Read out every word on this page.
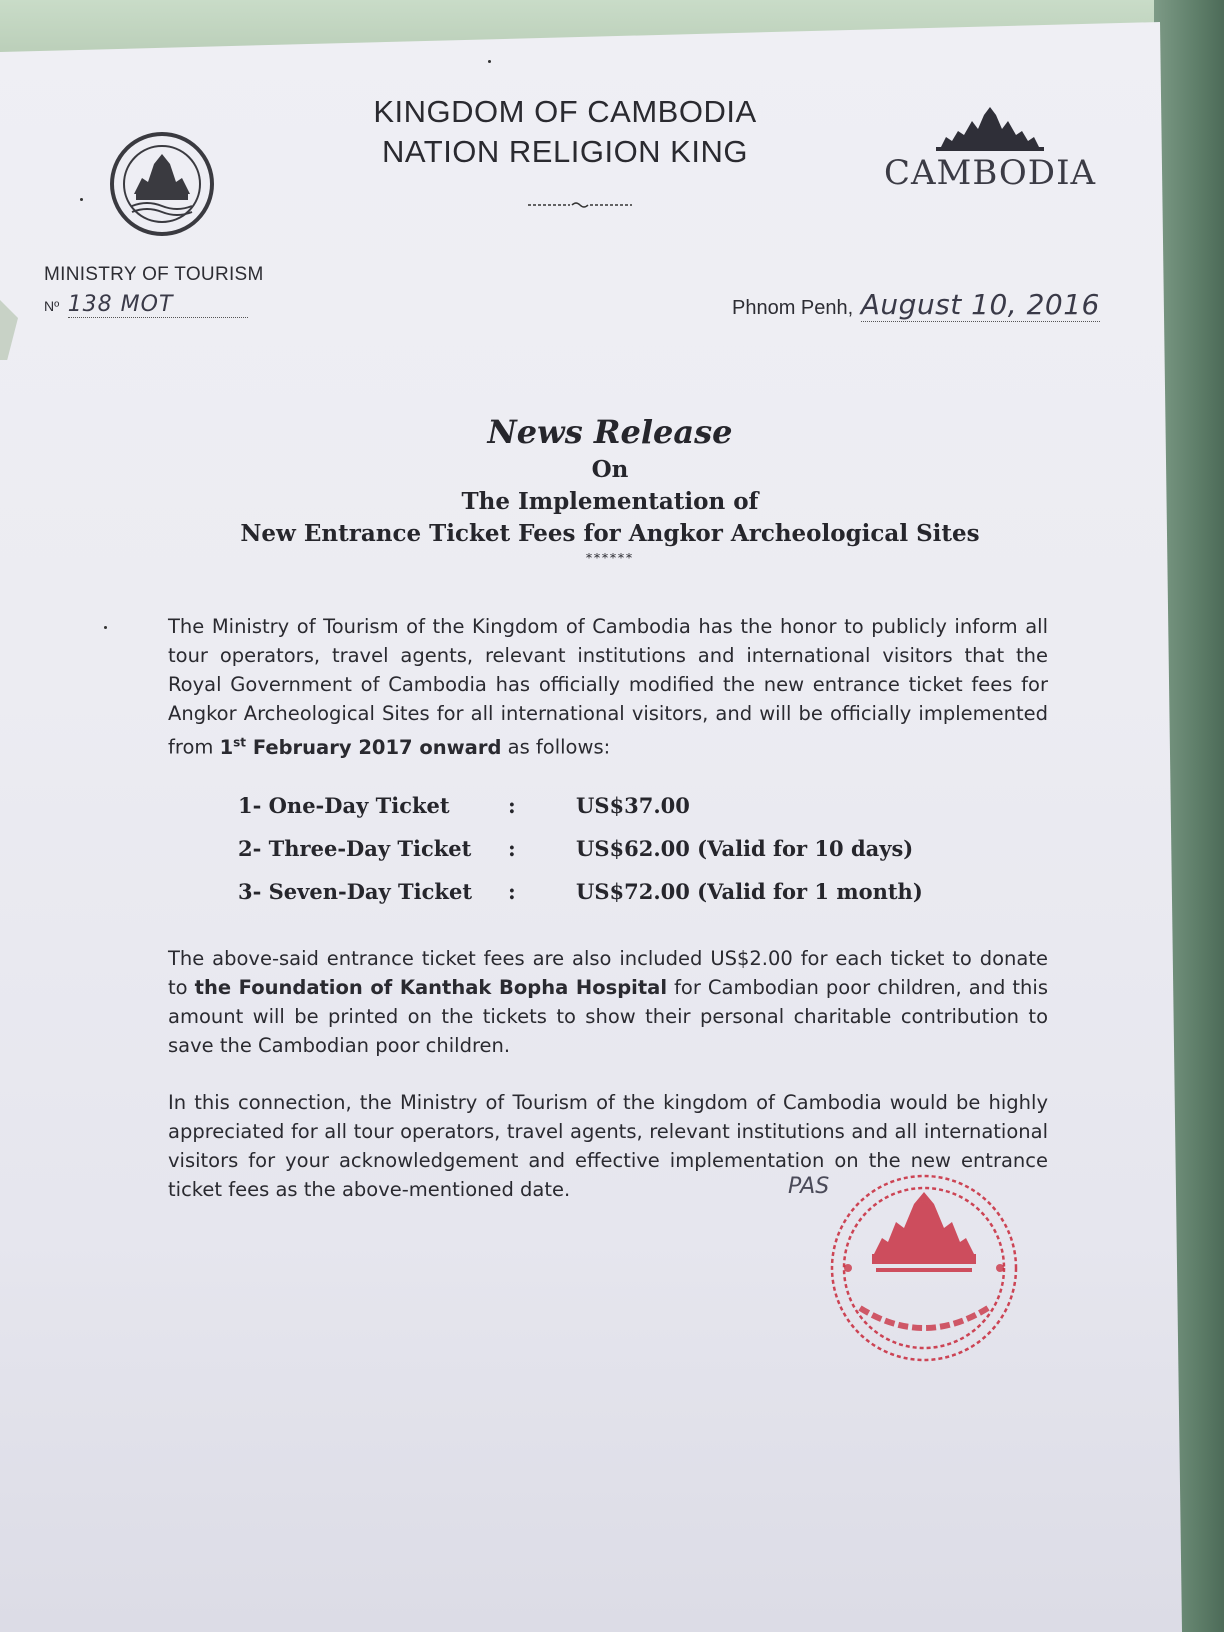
KINGDOM OF CAMBODIA
NATION RELIGION KING
CAMBODIA
MINISTRY OF TOURISM
Nº 138 MOT	Phnom Penh, August 10, 2016
News Release
On
The Implementation of
New Entrance Ticket Fees for Angkor Archeological Sites
******
The Ministry of Tourism of the Kingdom of Cambodia has the honor to publicly inform all tour operators, travel agents, relevant institutions and international visitors that the Royal Government of Cambodia has officially modified the new entrance ticket fees for Angkor Archeological Sites for all international visitors, and will be officially implemented from 1st February 2017 onward as follows:
1- One-Day Ticket	:	US$37.00
2- Three-Day Ticket	:	US$62.00 (Valid for 10 days)
3- Seven-Day Ticket	:	US$72.00 (Valid for 1 month)
The above-said entrance ticket fees are also included US$2.00 for each ticket to donate to the Foundation of Kanthak Bopha Hospital for Cambodian poor children, and this amount will be printed on the tickets to show their personal charitable contribution to save the Cambodian poor children.
In this connection, the Ministry of Tourism of the kingdom of Cambodia would be highly appreciated for all tour operators, travel agents, relevant institutions and all international visitors for your acknowledgement and effective implementation on the new entrance ticket fees as the above-mentioned date.	PAS
